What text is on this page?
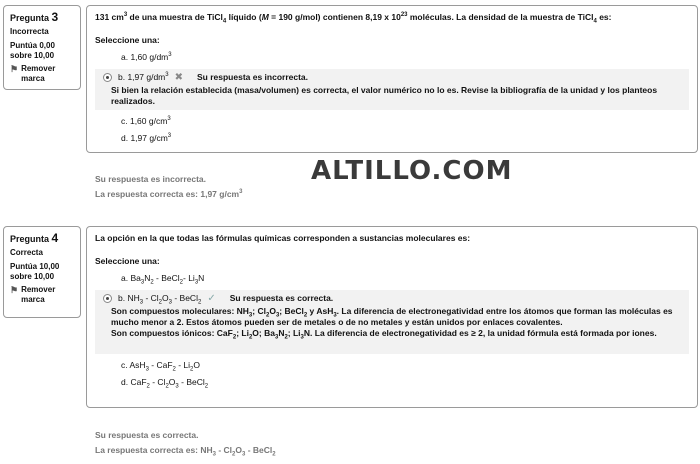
Pregunta 3
Incorrecta
Puntúa 0,00
sobre 10,00
⚑ Remover marca
131 $cm^3$ de una muestra de TiCl$_4$ líquido (M = 190 g/mol) contienen 8,19 x $10^{23}$ moléculas. La densidad de la muestra de TiCl$_4$ es:
Seleccione una:
a. 1,60 $g/dm^3$
b. 1,97 $g/dm^3$ ✖ Su respuesta es incorrecta.
Si bien la relación establecida (masa/volumen) es correcta, el valor numérico no lo es. Revise la bibliografía de la unidad y los planteos realizados.
c. 1,60 $g/cm^3$
d. 1,97 $g/cm^3$
Su respuesta es incorrecta.
La respuesta correcta es: 1,97 $g/cm^3$
ALTILLO.COM
Pregunta 4
Correcta
Puntúa 10,00
sobre 10,00
⚑ Remover marca
La opción en la que todas las fórmulas químicas corresponden a sustancias moleculares es:
Seleccione una:
a. $Ba_3N_2$ - BeCl$_2$- $Li_3N$
b. $NH_3 - Cl_2O_3$ - BeCl$_2$ ✓ Su respuesta es correcta.
Son compuestos moleculares: $NH_3$; $Cl_2O_3$; BeCl$_2$ y AsH$_3$. La diferencia de electronegatividad entre los átomos que forman las moléculas es mucho menor a 2. Estos átomos pueden ser de metales o de no metales y están unidos por enlaces covalentes.
Son compuestos iónicos: CaF$_2$; $Li_2O$; $Ba_3N_2$; $Li_3N$. La diferencia de electronegatividad es ≥ 2, la unidad fórmula está formada por iones.
c. $AsH_3 - CaF_2 - Li_2O$
d. $CaF_2 - Cl_2O_3$ - BeCl$_2$
Su respuesta es correcta.
La respuesta correcta es: $NH_3 - Cl_2O_3$ - BeCl$_2$
